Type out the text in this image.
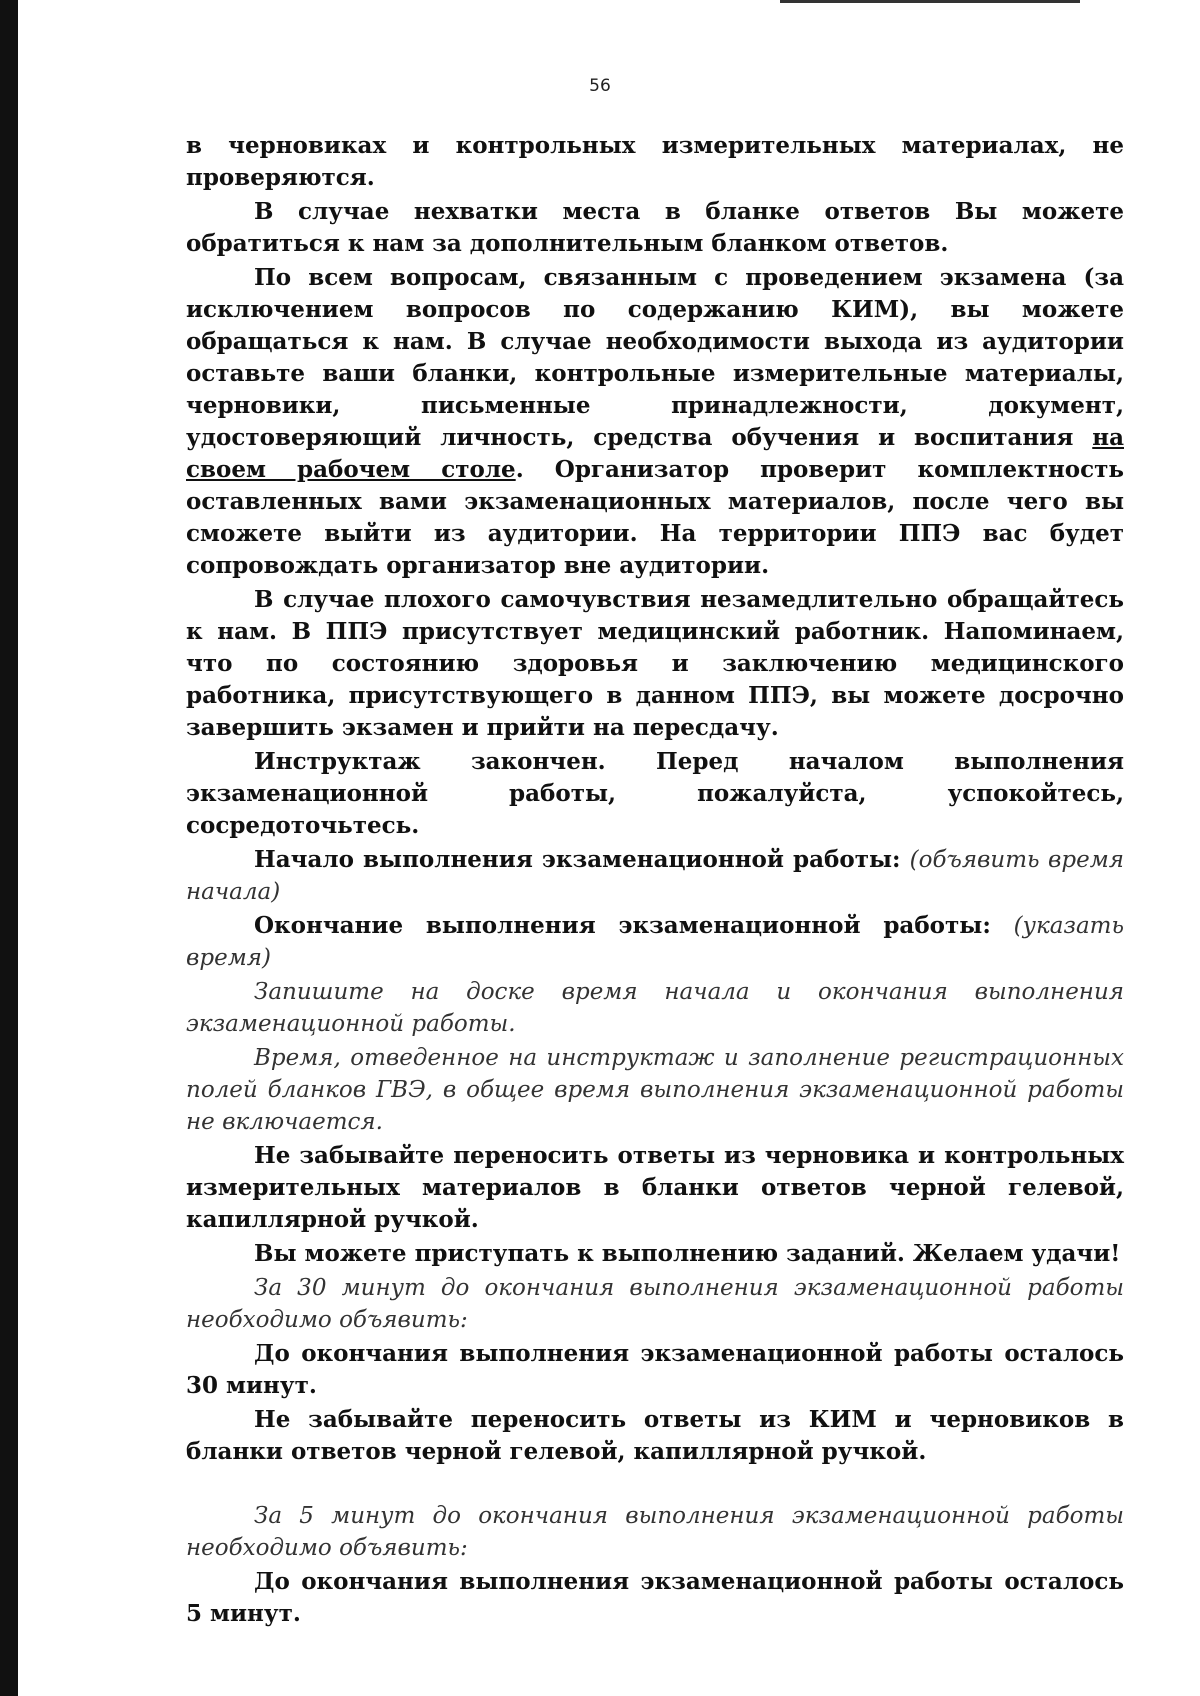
56

в черновиках и контрольных измерительных материалах, не проверяются.

В случае нехватки места в бланке ответов Вы можете обратиться к нам за дополнительным бланком ответов.

По всем вопросам, связанным с проведением экзамена (за исключением вопросов по содержанию КИМ), вы можете обращаться к нам. В случае необходимости выхода из аудитории оставьте ваши бланки, контрольные измерительные материалы, черновики, письменные принадлежности, документ, удостоверяющий личность, средства обучения и воспитания на своем рабочем столе. Организатор проверит комплектность оставленных вами экзаменационных материалов, после чего вы сможете выйти из аудитории. На территории ППЭ вас будет сопровождать организатор вне аудитории.

В случае плохого самочувствия незамедлительно обращайтесь к нам. В ППЭ присутствует медицинский работник. Напоминаем, что по состоянию здоровья и заключению медицинского работника, присутствующего в данном ППЭ, вы можете досрочно завершить экзамен и прийти на пересдачу.

Инструктаж закончен. Перед началом выполнения экзаменационной работы, пожалуйста, успокойтесь, сосредоточьтесь.

Начало выполнения экзаменационной работы: (объявить время начала)

Окончание выполнения экзаменационной работы: (указать время)

Запишите на доске время начала и окончания выполнения экзаменационной работы.

Время, отведенное на инструктаж и заполнение регистрационных полей бланков ГВЭ, в общее время выполнения экзаменационной работы не включается.

Не забывайте переносить ответы из черновика и контрольных измерительных материалов в бланки ответов черной гелевой, капиллярной ручкой.

Вы можете приступать к выполнению заданий. Желаем удачи!

За 30 минут до окончания выполнения экзаменационной работы необходимо объявить:

До окончания выполнения экзаменационной работы осталось 30 минут.

Не забывайте переносить ответы из КИМ и черновиков в бланки ответов черной гелевой, капиллярной ручкой.

За 5 минут до окончания выполнения экзаменационной работы необходимо объявить:

До окончания выполнения экзаменационной работы осталось 5 минут.
